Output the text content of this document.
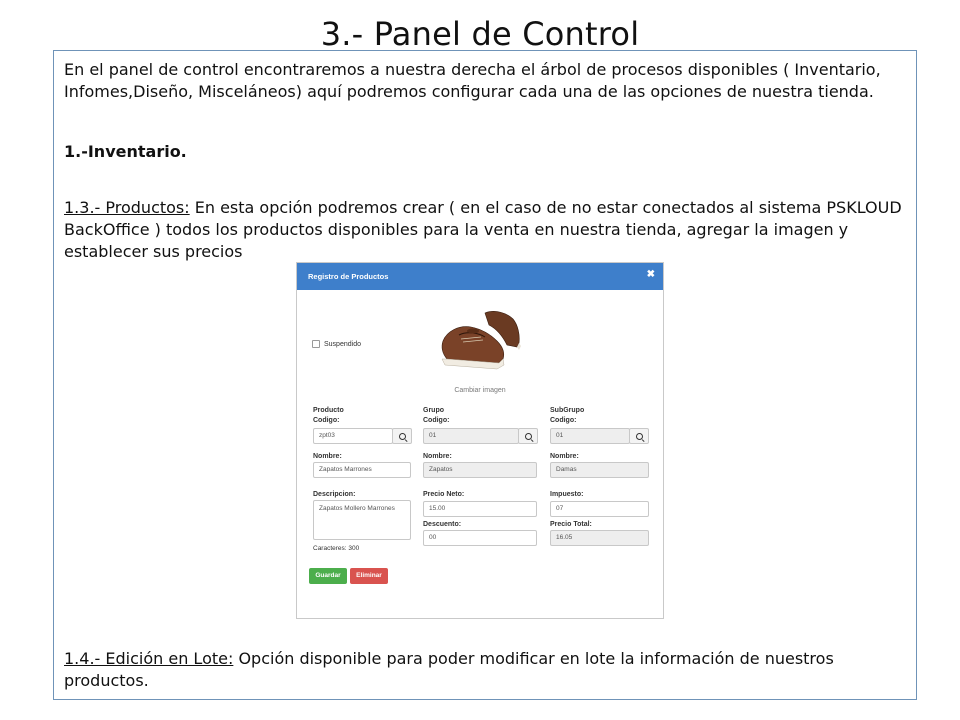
3.- Panel de Control
En el panel de control encontraremos a nuestra derecha el árbol de procesos disponibles ( Inventario, Infomes,Diseño, Misceláneos) aquí podremos configurar cada una de las opciones de nuestra tienda.
1.-Inventario.
1.3.- Productos: En esta opción podremos crear ( en el caso de no estar conectados al sistema PSKLOUD BackOffice ) todos los productos disponibles para la venta en nuestra tienda, agregar la imagen y establecer sus precios
Registro de Productos	✖
Suspendido
Cambiar imagen
Producto
Codigo:
zpt03
Nombre:
Zapatos Marrones
Descripcion:
Zapatos Mollero Marrones
Caracteres: 300
Grupo
Codigo:
01
Nombre:
Zapatos
Precio Neto:
15.00
Descuento:
00
SubGrupo
Codigo:
01
Nombre:
Damas
Impuesto:
07
Precio Total:
16.05
Guardar	Eliminar
1.4.- Edición en Lote: Opción disponible para poder modificar en lote la información de nuestros productos.
